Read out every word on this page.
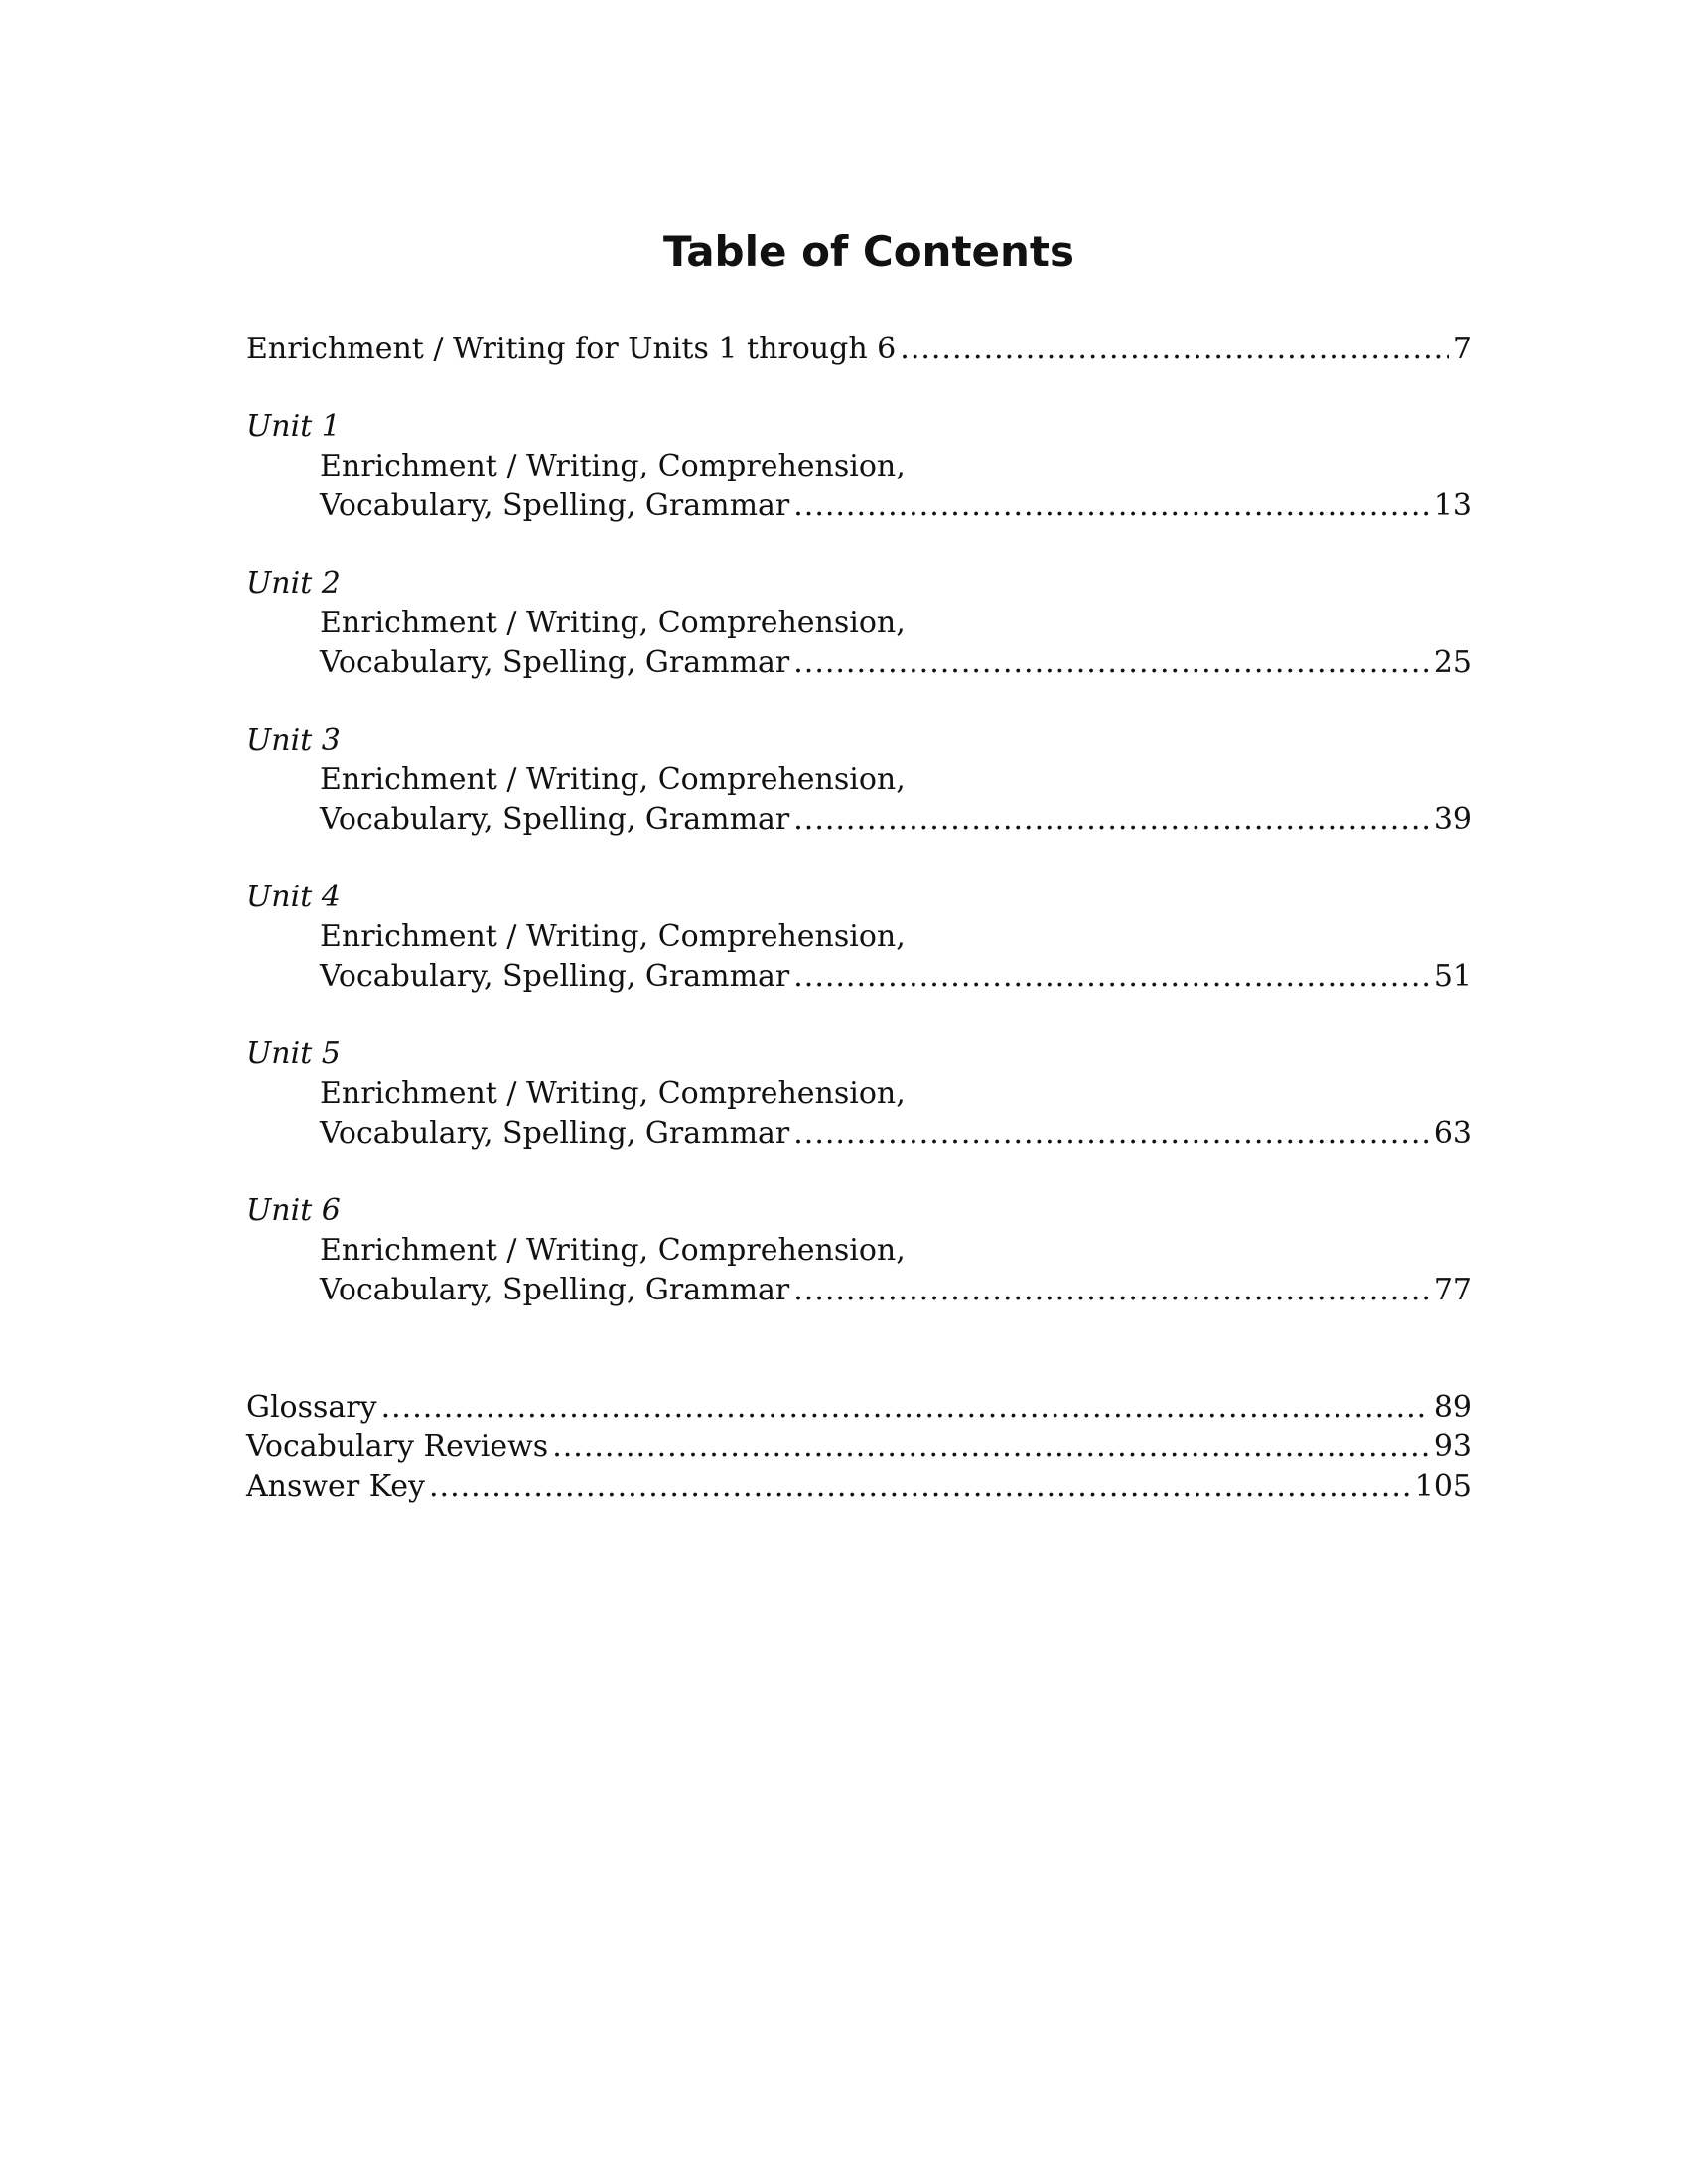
Table of Contents
Enrichment / Writing for Units 1 through 6 .....	7
Unit 1
Enrichment / Writing, Comprehension,
Vocabulary, Spelling, Grammar .....	13
Unit 2
Enrichment / Writing, Comprehension,
Vocabulary, Spelling, Grammar .....	25
Unit 3
Enrichment / Writing, Comprehension,
Vocabulary, Spelling, Grammar .....	39
Unit 4
Enrichment / Writing, Comprehension,
Vocabulary, Spelling, Grammar .....	51
Unit 5
Enrichment / Writing, Comprehension,
Vocabulary, Spelling, Grammar .....	63
Unit 6
Enrichment / Writing, Comprehension,
Vocabulary, Spelling, Grammar .....	77
Glossary .....	89
Vocabulary Reviews .....	93
Answer Key .....	105
